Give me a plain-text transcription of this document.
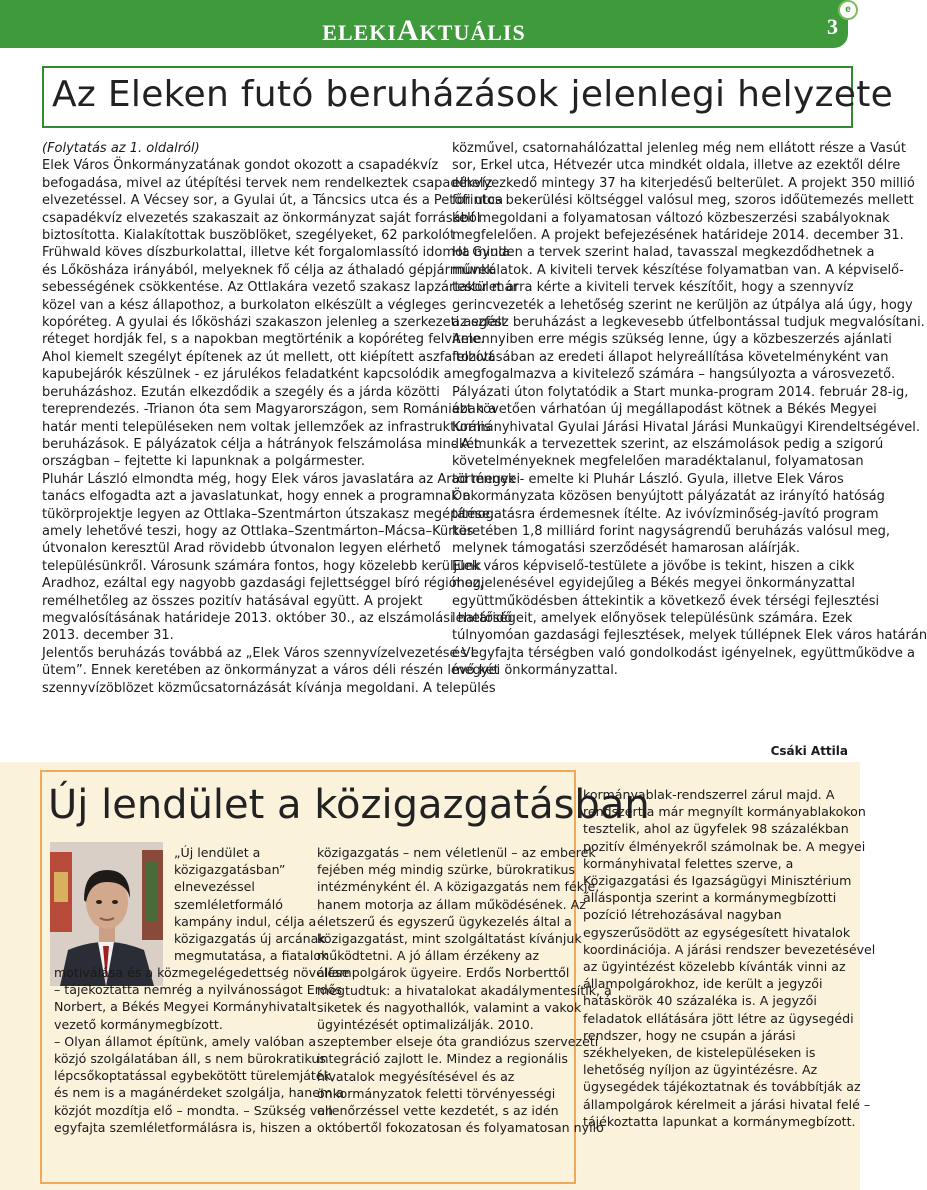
ELEKIAKTUÁLIS	3
e
Az Eleken futó beruházások jelenlegi helyzete
(Folytatás az 1. oldalról)
Elek Város Önkormányzatának gondot okozott a csapadékvíz
befogadása, mivel az útépítési tervek nem rendelkeztek csapadékvíz
elvezetéssel. A Vécsey sor, a Gyulai út, a Táncsics utca és a Petőfi utca
csapadékvíz elvezetés szakaszait az önkormányzat saját forrásából
biztosította. Kialakítottak buszöblöket, szegélyeket, 62 parkolót
Frühwald köves díszburkolattal, illetve két forgalomlassító idomot Gyula
és Lőkösháza irányából, melyeknek fő célja az áthaladó gépjárművek
sebességének csökkentése. Az Ottlakára vezető szakasz lapzártakor már
közel van a kész állapothoz, a burkolaton elkészült a végleges
kopóréteg. A gyulai és lőkösházi szakaszon jelenleg a szerkezeti aszfalt
réteget hordják fel, s a napokban megtörténik a kopóréteg felvitele.
Ahol kiemelt szegélyt építenek az út mellett, ott kiépített aszfaltozott
kapubejárók készülnek - ez járulékos feladatként kapcsolódik a
beruházáshoz. Ezután elkezdődik a szegély és a járda közötti
tereprendezés. -Trianon óta sem Magyarországon, sem Romániában a
határ menti településeken nem voltak jellemzőek az infrastrukturális
beruházások. E pályázatok célja a hátrányok felszámolása mindkét
országban – fejtette ki lapunknak a polgármester.
Pluhár László elmondta még, hogy Elek város javaslatára az Arad megyei
tanács elfogadta azt a javaslatunkat, hogy ennek a programnak a
tükörprojektje legyen az Ottlaka–Szentmárton útszakasz megépítése,
amely lehetővé teszi, hogy az Ottlaka–Szentmárton–Mácsa–Kürtös
útvonalon keresztül Arad rövidebb útvonalon legyen elérhető
településünkről. Városunk számára fontos, hogy közelebb kerüljünk
Aradhoz, ezáltal egy nagyobb gazdasági fejlettséggel bíró régióhoz,
remélhetőleg az összes pozitív hatásával együtt. A projekt
megvalósításának határideje 2013. október 30., az elszámolási határidő
2013. december 31.
Jelentős beruházás továbbá az „Elek Város szennyvízelvezetése VI.
ütem”. Ennek keretében az önkormányzat a város déli részén lévő két
szennyvízöblözet közműcsatornázását kívánja megoldani. A település
közművel, csatornahálózattal jelenleg még nem ellátott része a Vasút
sor, Erkel utca, Hétvezér utca mindkét oldala, illetve az ezektől délre
elhelyezkedő mintegy 37 ha kiterjedésű belterület. A projekt 350 millió
forintos bekerülési költséggel valósul meg, szoros időütemezés mellett
kell megoldani a folyamatosan változó közbeszerzési szabályoknak
megfelelően. A projekt befejezésének határideje 2014. december 31.
Ha minden a tervek szerint halad, tavasszal megkezdődhetnek a
munkálatok. A kiviteli tervek készítése folyamatban van. A képviselő-
testület arra kérte a kiviteli tervek készítőit, hogy a szennyvíz
gerincvezeték a lehetőség szerint ne kerüljön az útpálya alá úgy, hogy
az egész beruházást a legkevesebb útfelbontással tudjuk megvalósítani.
Amennyiben erre mégis szükség lenne, úgy a közbeszerzés ajánlati
felhívásában az eredeti állapot helyreállítása követelményként van
megfogalmazva a kivitelező számára – hangsúlyozta a városvezető.
Pályázati úton folytatódik a Start munka-program 2014. február 28-ig,
ezt követően várhatóan új megállapodást kötnek a Békés Megyei
Kormányhivatal Gyulai Járási Hivatal Járási Munkaügyi Kirendeltségével.
- A munkák a tervezettek szerint, az elszámolások pedig a szigorú
követelményeknek megfelelően maradéktalanul, folyamatosan
történnek - emelte ki Pluhár László. Gyula, illetve Elek Város
Önkormányzata közösen benyújtott pályázatát az irányító hatóság
támogatásra érdemesnek ítélte. Az ivóvízminőség-javító program
keretében 1,8 milliárd forint nagyságrendű beruházás valósul meg,
melynek támogatási szerződését hamarosan aláírják.
Elek város képviselő-testülete a jövőbe is tekint, hiszen a cikk
megjelenésével egyidejűleg a Békés megyei önkormányzattal
együttműködésben áttekintik a következő évek térségi fejlesztési
lehetőségeit, amelyek előnyösek településünk számára. Ezek
túlnyomóan gazdasági fejlesztések, melyek túllépnek Elek város határán
és egyfajta térségben való gondolkodást igényelnek, együttműködve a
megyei önkormányzattal.
Csáki Attila
Új lendület a közigazgatásban
„Új lendület a
közigazgatásban”
elnevezéssel
szemléletformáló
kampány indul, célja a
közigazgatás új arcának
megmutatása, a fiatalok
motiválása és a közmegelégedettség növelése
– tájékoztatta nemrég a nyilvánosságot Erdős
Norbert, a Békés Megyei Kormányhivatalt
vezető kormánymegbízott.
– Olyan államot építünk, amely valóban a
közjó szolgálatában áll, s nem bürokratikus
lépcsőkoptatással egybekötött türelemjáték,
és nem is a magánérdeket szolgálja, hanem a
közjót mozdítja elő – mondta. – Szükség van
egyfajta szemléletformálásra is, hiszen a
közigazgatás – nem véletlenül – az emberek
fejében még mindig szürke, bürokratikus
intézményként él. A közigazgatás nem fékje,
hanem motorja az állam működésének. Az
életszerű és egyszerű ügykezelés által a
közigazgatást, mint szolgáltatást kívánjuk
működtetni. A jó állam érzékeny az
állampolgárok ügyeire. Erdős Norberttől
megtudtuk: a hivatalokat akadálymentesítik, a
siketek és nagyothallók, valamint a vakok
ügyintézését optimalizálják. 2010.
szeptember elseje óta grandiózus szervezeti
integráció zajlott le. Mindez a regionális
hivatalok megyésítésével és az
önkormányzatok feletti törvényességi
ellenőrzéssel vette kezdetét, s az idén
októbertől fokozatosan és folyamatosan nyíló
kormányablak-rendszerrel zárul majd. A
rendszert a már megnyílt kormányablakokon
tesztelik, ahol az ügyfelek 98 százalékban
pozitív élményekről számolnak be. A megyei
kormányhivatal felettes szerve, a
Közigazgatási és Igazságügyi Minisztérium
álláspontja szerint a kormánymegbízotti
pozíció létrehozásával nagyban
egyszerűsödött az egységesített hivatalok
koordinációja. A járási rendszer bevezetésével
az ügyintézést közelebb kívánták vinni az
állampolgárokhoz, ide került a jegyzői
hatáskörök 40 százaléka is. A jegyzői
feladatok ellátására jött létre az ügysegédi
rendszer, hogy ne csupán a járási
székhelyeken, de kistelepüléseken is
lehetőség nyíljon az ügyintézésre. Az
ügysegédek tájékoztatnak és továbbítják az
állampolgárok kérelmeit a járási hivatal felé –
tájékoztatta lapunkat a kormánymegbízott.
